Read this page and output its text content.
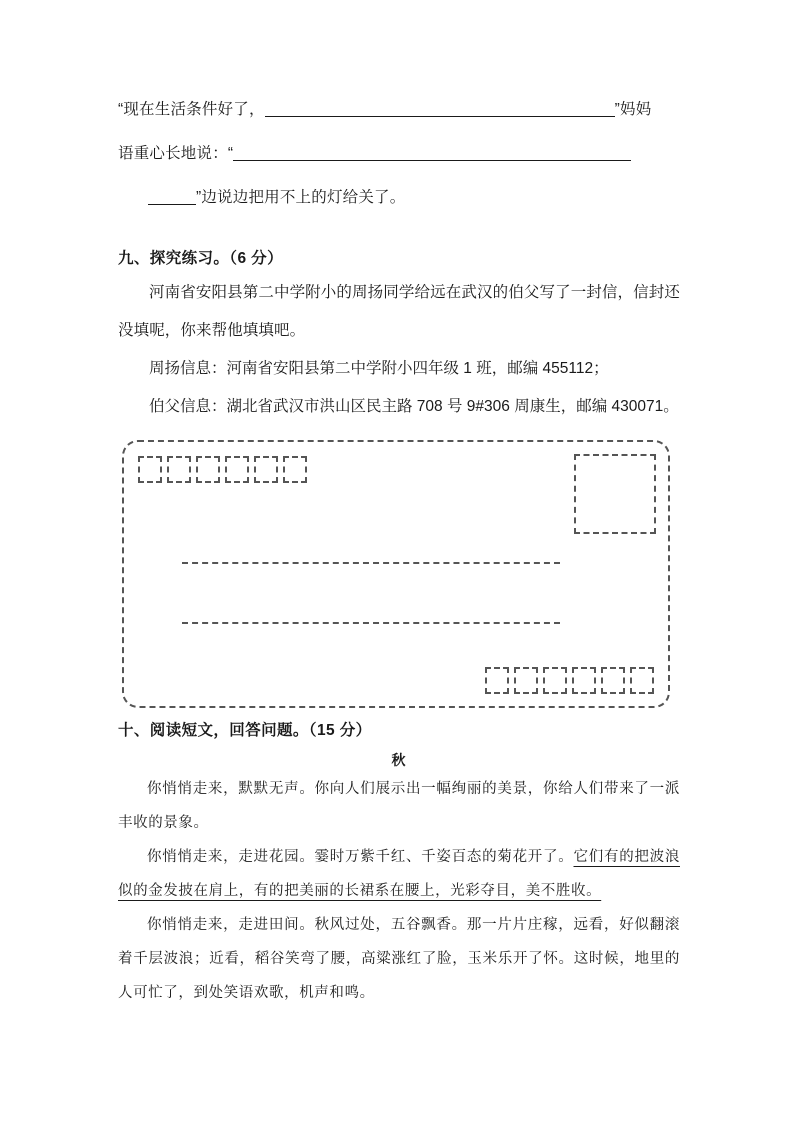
“现在生活条件好了，	”妈妈
语重心长地说：“
”边说边把用不上的灯给关了。
九、探究练习。（6 分）

河南省安阳县第二中学附小的周扬同学给远在武汉的伯父写了一封信，信封还没填呢，你来帮他填填吧。

周扬信息：河南省安阳县第二中学附小四年级 1 班，邮编 455112；

伯父信息：湖北省武汉市洪山区民主路 708 号 9#306 周康生，邮编 430071。

十、阅读短文，回答问题。（15 分）
秋

你悄悄走来，默默无声。你向人们展示出一幅绚丽的美景，你给人们带来了一派丰收的景象。

你悄悄走来，走进花园。霎时万紫千红、千姿百态的菊花开了。它们有的把波浪似的金发披在肩上，有的把美丽的长裙系在腰上，光彩夺目，美不胜收。

你悄悄走来，走进田间。秋风过处，五谷飘香。那一片片庄稼，远看，好似翻滚着千层波浪；近看，稻谷笑弯了腰，高粱涨红了脸，玉米乐开了怀。这时候，地里的人可忙了，到处笑语欢歌，机声和鸣。
